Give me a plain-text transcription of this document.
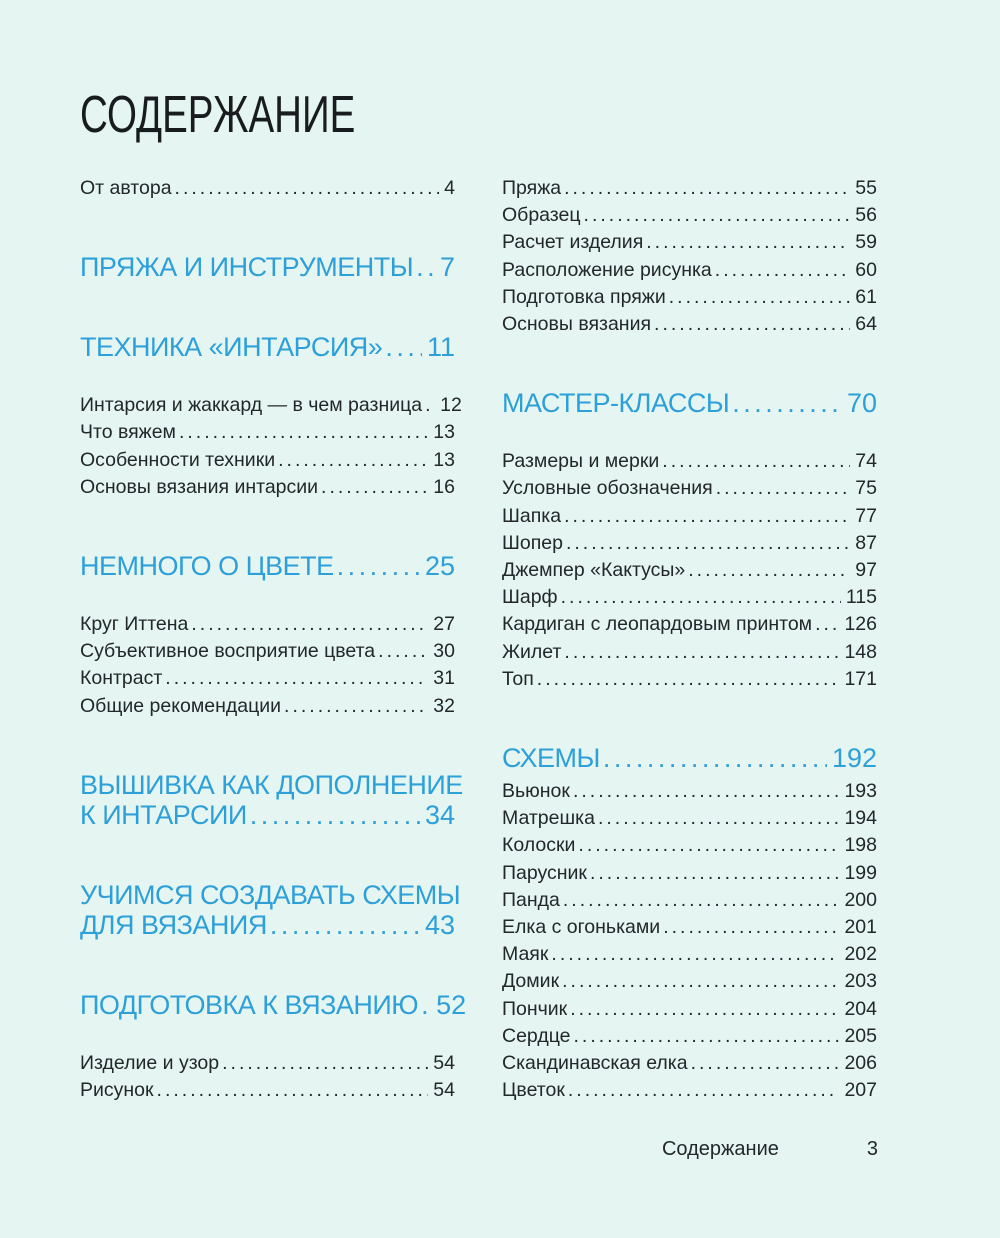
СОДЕРЖАНИЕ
От автора .....	4
ПРЯЖА И ИНСТРУМЕНТЫ ..... 7
ТЕХНИКА «ИНТАРСИЯ» ..... 11
Интарсия и жаккард — в чем разница ..... 12
Что вяжем .....	13
Особенности техники .....	13
Основы вязания интарсии .....	16
НЕМНОГО О ЦВЕТЕ .....	25
Круг Иттена .....	27
Субъективное восприятие цвета .....	30
Контраст .....	31
Общие рекомендации .....	32
ВЫШИВКА КАК ДОПОЛНЕНИЕ
К ИНТАРСИИ .....	34
УЧИМСЯ СОЗДАВАТЬ СХЕМЫ
ДЛЯ ВЯЗАНИЯ .....	43
ПОДГОТОВКА К ВЯЗАНИЮ ..... 52
Изделие и узор .....	54
Рисунок .....	54
Пряжа .....	55
Образец .....	56
Расчет изделия .....	59
Расположение рисунка .....	60
Подготовка пряжи .....	61
Основы вязания .....	64
МАСТЕР-КЛАССЫ .....	70
Размеры и мерки .....	74
Условные обозначения .....	75
Шапка .....	77
Шопер .....	87
Джемпер «Кактусы» .....	97
Шарф .....	115
Кардиган с леопардовым принтом ..... 126
Жилет .....	148
Топ .....	171
СХЕМЫ .....	192
Вьюнок .....	193
Матрешка .....	194
Колоски .....	198
Парусник .....	199
Панда .....	200
Елка с огоньками .....	201
Маяк .....	202
Домик .....	203
Пончик .....	204
Сердце .....	205
Скандинавская елка .....	206
Цветок .....	207
Содержание	3
